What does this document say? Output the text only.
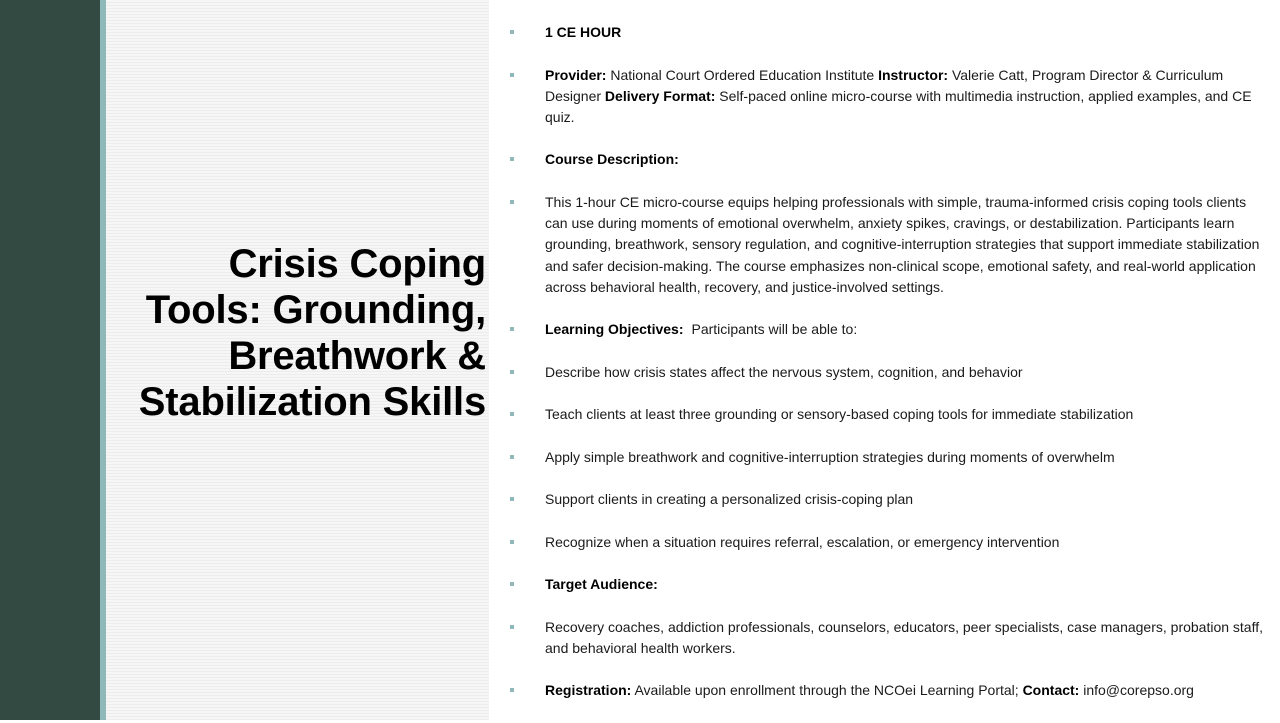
Crisis Coping
Tools: Grounding,
Breathwork &
Stabilization Skills
1 CE HOUR
Provider: National Court Ordered Education Institute Instructor: Valerie Catt, Program Director & Curriculum Designer Delivery Format: Self-paced online micro-course with multimedia instruction, applied examples, and CE quiz.
Course Description:
This 1-hour CE micro-course equips helping professionals with simple, trauma-informed crisis coping tools clients can use during moments of emotional overwhelm, anxiety spikes, cravings, or destabilization. Participants learn grounding, breathwork, sensory regulation, and cognitive-interruption strategies that support immediate stabilization and safer decision-making. The course emphasizes non-clinical scope, emotional safety, and real-world application across behavioral health, recovery, and justice-involved settings.
Learning Objectives: Participants will be able to:
Describe how crisis states affect the nervous system, cognition, and behavior
Teach clients at least three grounding or sensory-based coping tools for immediate stabilization
Apply simple breathwork and cognitive-interruption strategies during moments of overwhelm
Support clients in creating a personalized crisis-coping plan
Recognize when a situation requires referral, escalation, or emergency intervention
Target Audience:
Recovery coaches, addiction professionals, counselors, educators, peer specialists, case managers, probation staff, and behavioral health workers.
Registration: Available upon enrollment through the NCOei Learning Portal; Contact: info@corepso.org
